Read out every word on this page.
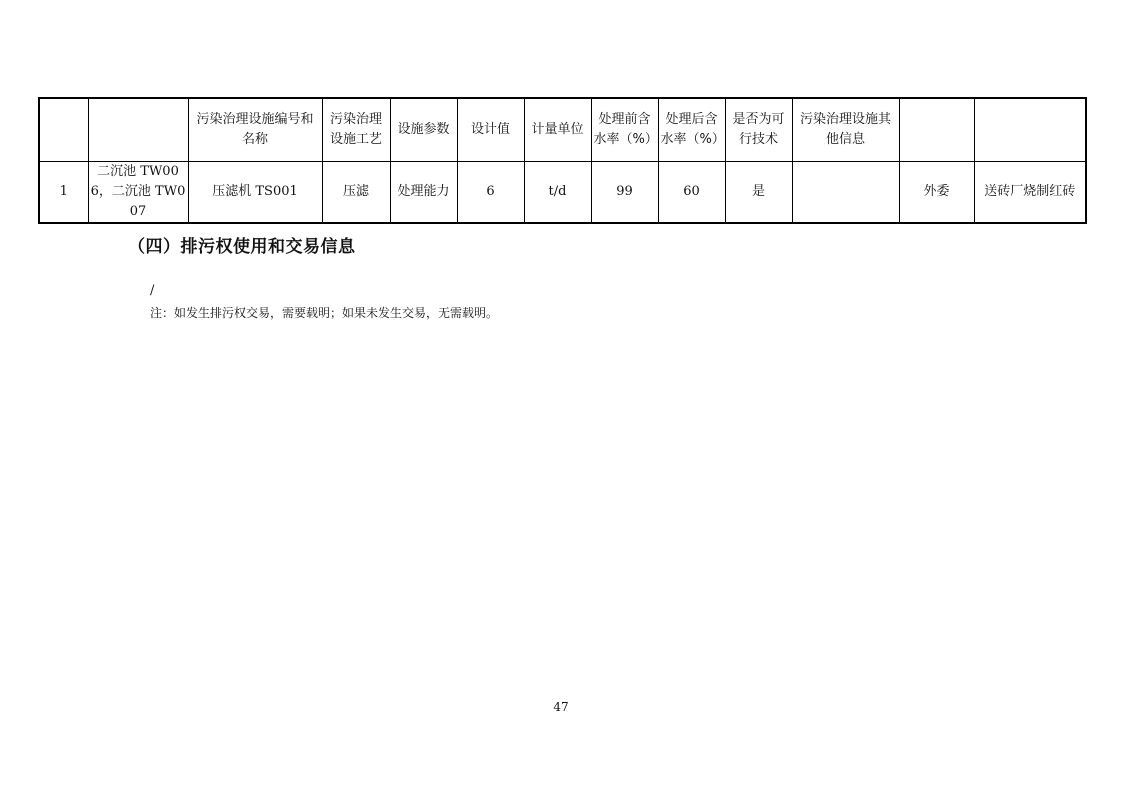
		污染治理设施编号和名称	污染治理设施工艺	设施参数	设计值	计量单位	处理前含水率（%）	处理后含水率（%）	是否为可行技术	污染治理设施其他信息		
1	二沉池 TW006，二沉池 TW007	压滤机 TS001	压滤	处理能力	6	t/d	99	60	是		外委	送砖厂烧制红砖
（四）排污权使用和交易信息
/
注：如发生排污权交易，需要载明；如果未发生交易，无需载明。
47
